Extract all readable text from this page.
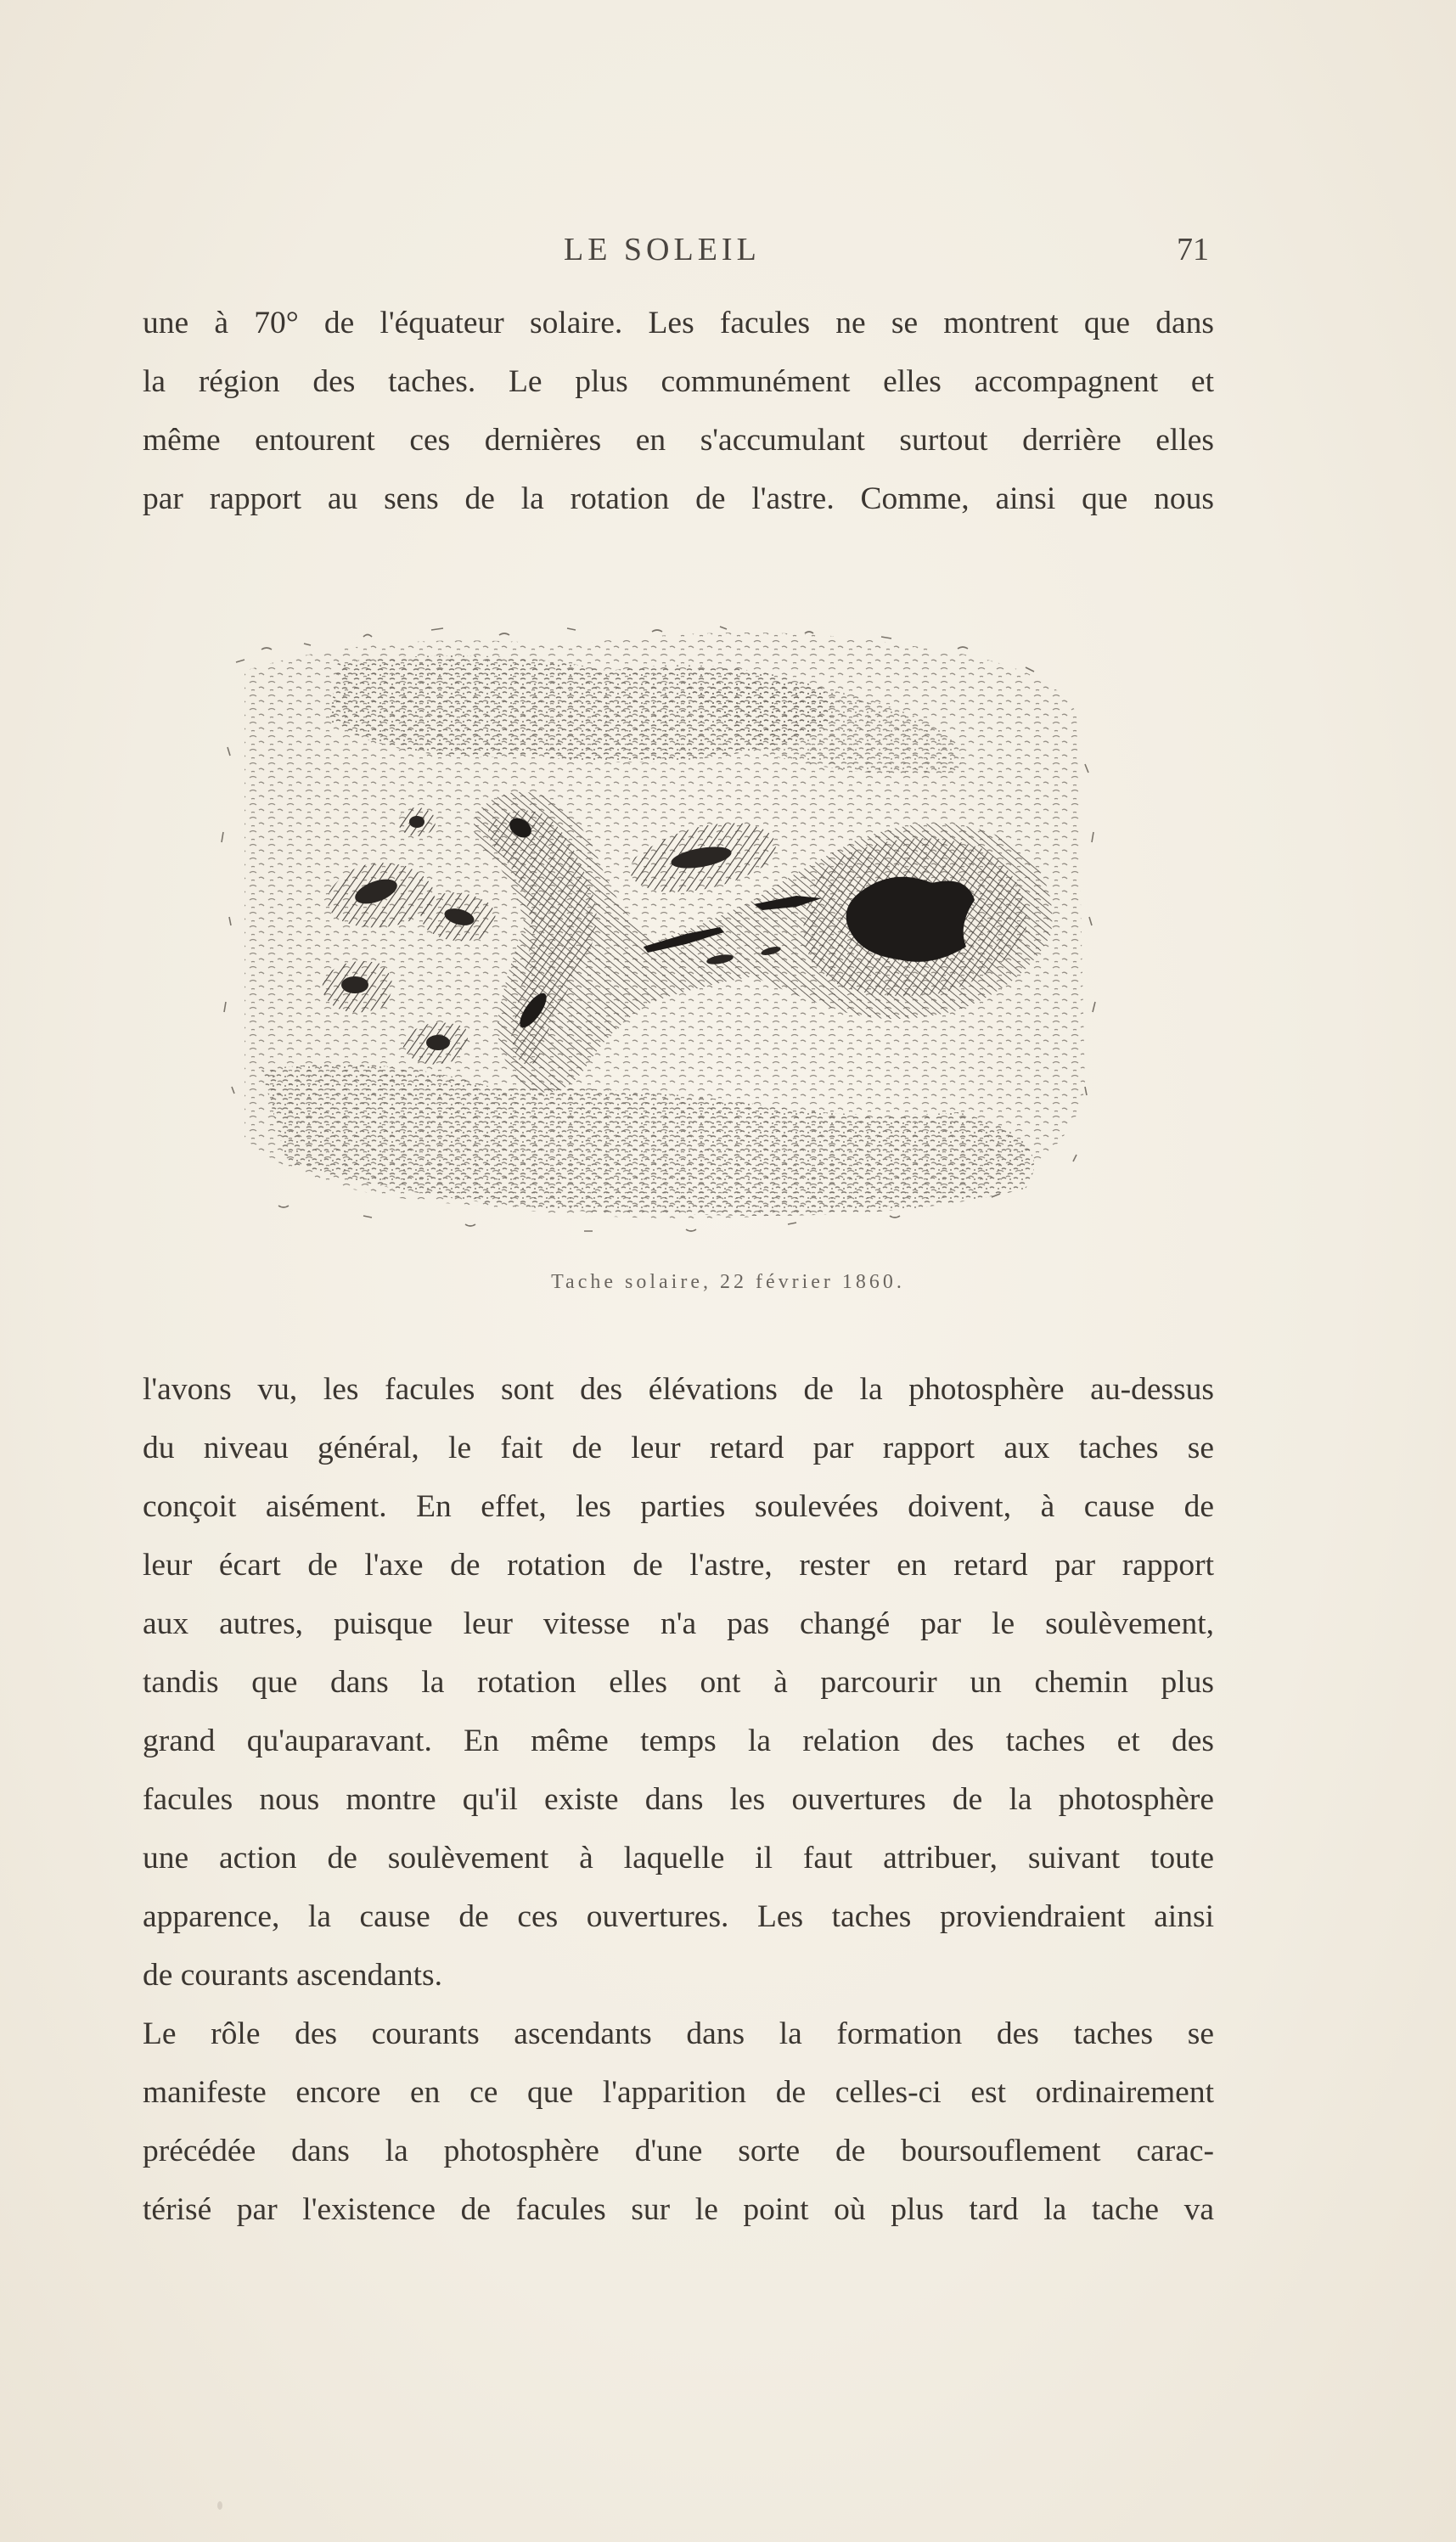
LE SOLEIL	71
une à 70° de l'équateur solaire. Les facules ne se montrent que dans
la région des taches. Le plus communément elles accompagnent et
même entourent ces dernières en s'accumulant surtout derrière elles
par rapport au sens de la rotation de l'astre. Comme, ainsi que nous
Tache solaire, 22 février 1860.
l'avons vu, les facules sont des élévations de la photosphère au-dessus
du niveau général, le fait de leur retard par rapport aux taches se
conçoit aisément. En effet, les parties soulevées doivent, à cause de
leur écart de l'axe de rotation de l'astre, rester en retard par rapport
aux autres, puisque leur vitesse n'a pas changé par le soulèvement,
tandis que dans la rotation elles ont à parcourir un chemin plus
grand qu'auparavant. En même temps la relation des taches et des
facules nous montre qu'il existe dans les ouvertures de la photosphère
une action de soulèvement à laquelle il faut attribuer, suivant toute
apparence, la cause de ces ouvertures. Les taches proviendraient ainsi
de courants ascendants.
Le rôle des courants ascendants dans la formation des taches se
manifeste encore en ce que l'apparition de celles-ci est ordinairement
précédée dans la photosphère d'une sorte de boursouflement carac-
térisé par l'existence de facules sur le point où plus tard la tache va
